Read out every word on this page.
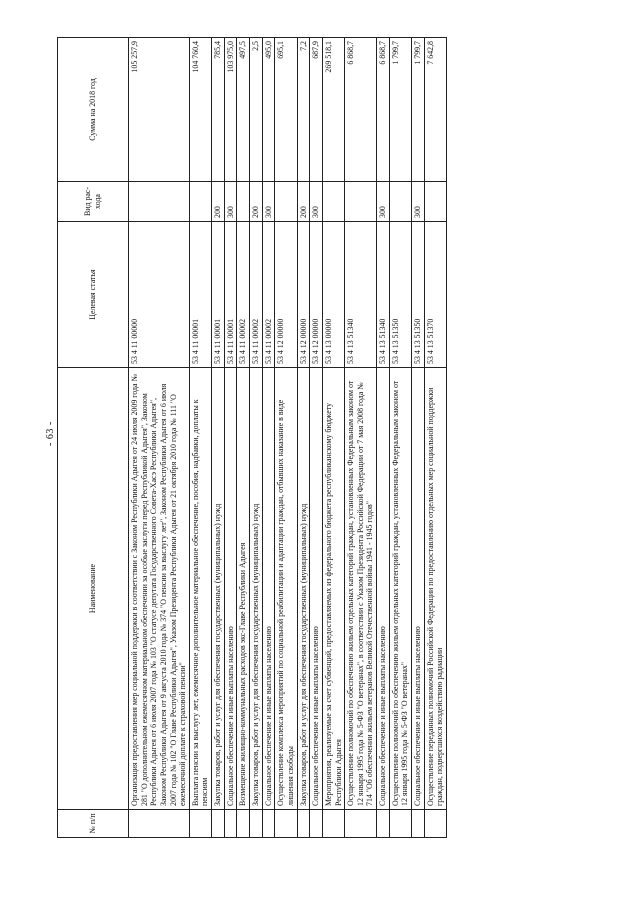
- 63 -
№ п/п	Наименование	Целевая статья	Вид рас- хода	Сумма на 2018 год
	Организация предоставления мер социальной поддержки в соответствии с Законом Республики Адыгея от 24 июля 2009 года № 281 "О дополнительном ежемесячном материальном обеспечении за особые заслуги перед Республикой Адыгея", Законом Республики Адыгея от 6 июля 2007 года № 103 "О статусе депутата Государственного Совета-Хасэ Республики Адыгея", Законом Республики Адыгея от 9 августа 2010 года № 374 "О пенсии за выслугу лет", Законом Республики Адыгея от 6 июля 2007 года № 102 "О Главе Республики Адыгея", Указом Президента Республики Адыгея от 21 октября 2010 года № 111 "О ежемесячной доплате к страховой пенсии"	53 4 11 00000		105 257,9
	Выплата пенсии за выслугу лет, ежемесячное дополнительное материальное обеспечение, пособия, надбавки, доплаты к пенсиям	53 4 11 00001		104 760,4
	Закупка товаров, работ и услуг для обеспечения государственных (муниципальных) нужд	53 4 11 00001	200	785,4
	Социальное обеспечение и иные выплаты населению	53 4 11 00001	300	103 975,0
	Возмещение жилищно-коммунальных расходов экс-Главе Республики Адыгея	53 4 11 00002		497,5
	Закупка товаров, работ и услуг для обеспечения государственных (муниципальных) нужд	53 4 11 00002	200	2,5
	Социальное обеспечение и иные выплаты населению	53 4 11 00002	300	495,0
	Осуществление комплекса мероприятий по социальной реабилитации и адаптации граждан, отбывших наказание в виде лишения свободы	53 4 12 00000		695,1
	Закупка товаров, работ и услуг для обеспечения государственных (муниципальных) нужд	53 4 12 00000	200	7,2
	Социальное обеспечение и иные выплаты населению	53 4 12 00000	300	687,9
	Мероприятия, реализуемые за счет субвенций, предоставляемых из федерального бюджета республиканскому бюджету Республики Адыгея	53 4 13 00000		269 518,1
	Осуществление полномочий по обеспечению жильем отдельных категорий граждан, установленных Федеральным законом от 12 января 1995 года № 5-ФЗ "О ветеранах", в соответствии с Указом Президента Российской Федерации от 7 мая 2008 года № 714 "Об обеспечении жильем ветеранов Великой Отечественной войны 1941 - 1945 годов"	53 4 13 51340		6 868,7
	Социальное обеспечение и иные выплаты населению	53 4 13 51340	300	6 868,7
	Осуществление полномочий по обеспечению жильем отдельных категорий граждан, установленных Федеральным законом от 12 января 1995 года № 5-ФЗ "О ветеранах"	53 4 13 51350		1 799,7
	Социальное обеспечение и иные выплаты населению	53 4 13 51350	300	1 799,7
	Осуществление переданных полномочий Российской Федерации по предоставлению отдельных мер социальной поддержки граждан, подвергшихся воздействию радиации	53 4 13 51370		7 642,8
